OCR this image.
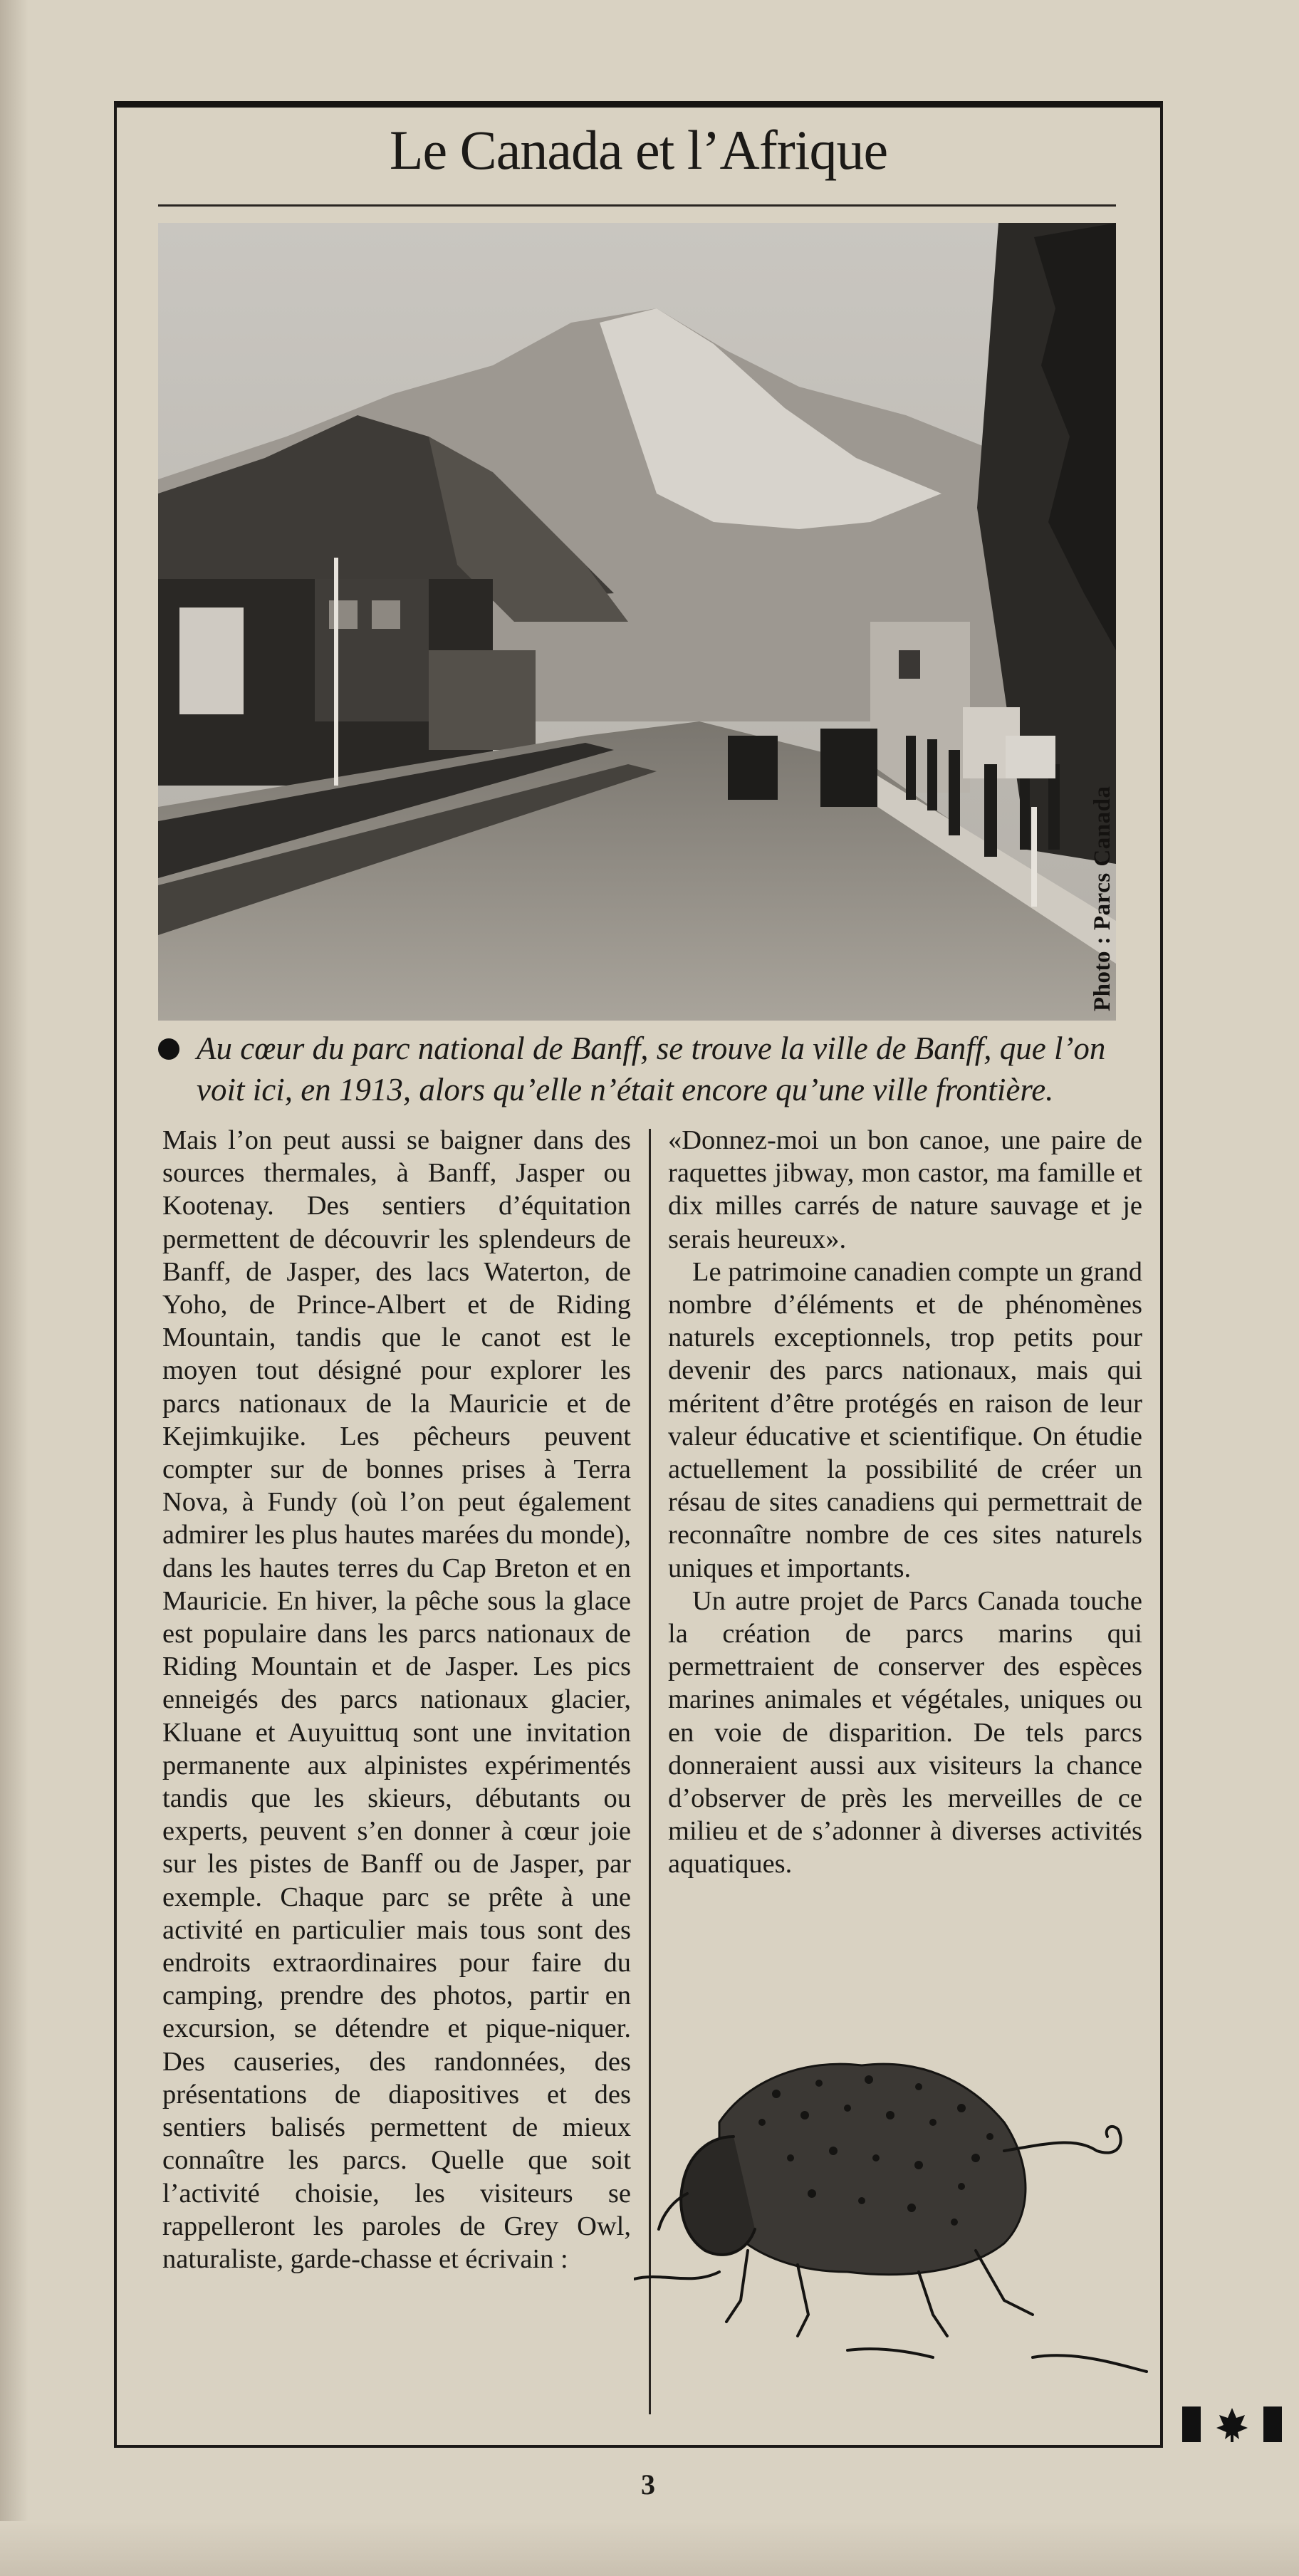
Le Canada et l’Afrique
Photo : Parcs Canada
Au cœur du parc national de Banff, se trouve la ville de Banff, que l’on
voit ici, en 1913, alors qu’elle n’était encore qu’une ville frontière.

Mais l’on peut aussi se baigner dans des sources thermales, à Banff, Jasper ou Kootenay. Des sentiers d’équitation permettent de découvrir les splendeurs de Banff, de Jasper, des lacs Waterton, de Yoho, de Prince-Albert et de Riding Mountain, tandis que le canot est le moyen tout désigné pour explorer les parcs nationaux de la Mauricie et de Kejimkujike. Les pêcheurs peuvent compter sur de bonnes prises à Terra Nova, à Fundy (où l’on peut également admirer les plus hautes marées du monde), dans les hautes terres du Cap Breton et en Mauricie. En hiver, la pêche sous la glace est populaire dans les parcs nationaux de Riding Mountain et de Jasper. Les pics enneigés des parcs nationaux glacier, Kluane et Auyuittuq sont une invitation permanente aux alpinistes expérimentés tandis que les skieurs, débutants ou experts, peuvent s’en donner à cœur joie sur les pistes de Banff ou de Jasper, par exemple. Chaque parc se prête à une activité en particulier mais tous sont des endroits extraordinaires pour faire du camping, prendre des photos, partir en excursion, se détendre et pique-niquer. Des causeries, des randonnées, des présentations de diapositives et des sentiers balisés permettent de mieux connaître les parcs. Quelle que soit l’activité choisie, les visiteurs se rappelleront les paroles de Grey Owl, naturaliste, garde-chasse et écrivain :

«Donnez-moi un bon canoe, une paire de raquettes jibway, mon castor, ma famille et dix milles carrés de nature sauvage et je serais heureux».

Le patrimoine canadien compte un grand nombre d’éléments et de phénomènes naturels exceptionnels, trop petits pour devenir des parcs nationaux, mais qui méritent d’être protégés en raison de leur valeur éducative et scientifique. On étudie actuellement la possibilité de créer un résau de sites canadiens qui permettrait de reconnaître nombre de ces sites naturels uniques et importants.

Un autre projet de Parcs Canada touche la création de parcs marins qui permettraient de conserver des espèces marines animales et végétales, uniques ou en voie de disparition. De tels parcs donneraient aussi aux visiteurs la chance d’observer de près les merveilles de ce milieu et de s’adonner à diverses activités aquatiques.

3
